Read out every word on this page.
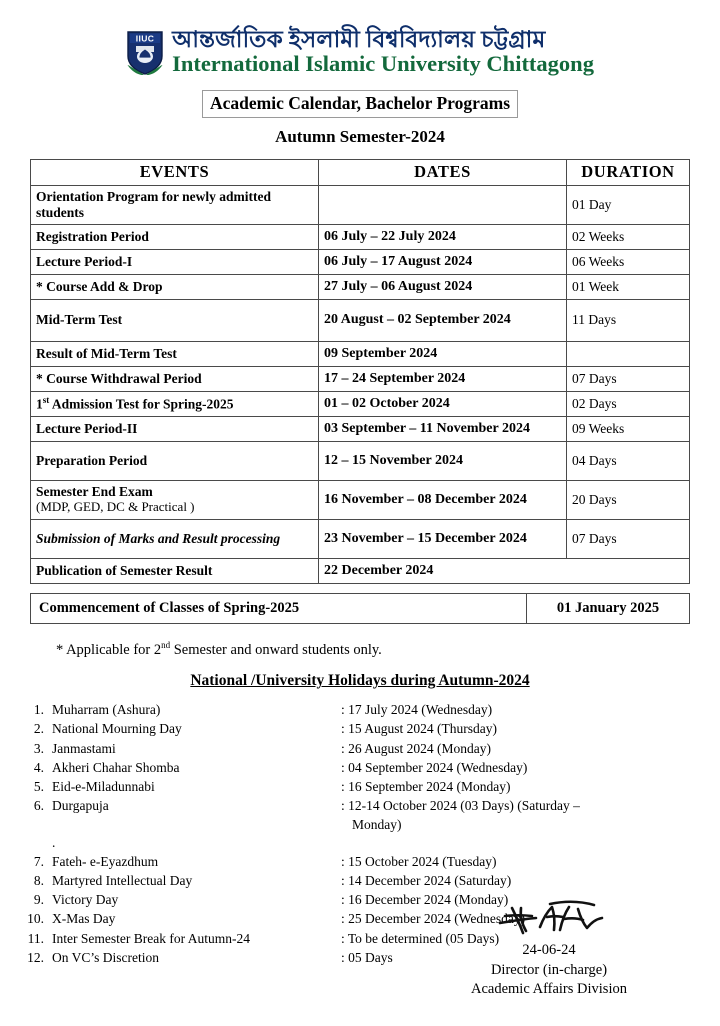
IIUC আন্তর্জাতিক ইসলামী বিশ্ববিদ্যালয় চট্টগ্রাম
International Islamic University Chittagong
Academic Calendar, Bachelor Programs
Autumn Semester-2024
EVENTS	DATES	DURATION
Orientation Program for newly admitted students		01 Day
Registration Period	06 July – 22 July 2024	02 Weeks
Lecture Period-I	06 July – 17 August 2024	06 Weeks
* Course Add & Drop	27 July – 06 August 2024	01 Week
Mid-Term Test	20 August – 02 September 2024	11 Days
Result of Mid-Term Test	09 September 2024	
* Course Withdrawal Period	17 – 24 September 2024	07 Days
1st Admission Test for Spring-2025	01 – 02 October 2024	02 Days
Lecture Period-II	03 September – 11 November 2024	09 Weeks
Preparation Period	12 – 15 November 2024	04 Days
Semester End Exam
(MDP, GED, DC & Practical )	16 November – 08 December 2024	20 Days
Submission of Marks and Result processing	23 November – 15 December 2024	07 Days
Publication of Semester Result	22 December 2024	
Commencement of Classes of Spring-2025	01 January 2025
* Applicable for 2nd Semester and onward students only.
National /University Holidays during Autumn-2024
1. Muharram (Ashura)	: 17 July 2024 (Wednesday)
2. National Mourning Day	: 15 August 2024 (Thursday)
3. Janmastami	: 26 August 2024 (Monday)
4. Akheri Chahar Shomba	: 04 September 2024 (Wednesday)
5. Eid-e-Miladunnabi	: 16 September 2024 (Monday)
6. Durgapuja	: 12-14 October 2024 (03 Days) (Saturday –
Monday)
.
7. Fateh- e-Eyazdhum	: 15 October 2024 (Tuesday)
8. Martyred Intellectual Day	: 14 December 2024 (Saturday)
9. Victory Day	: 16 December 2024 (Monday)
10. X-Mas Day	: 25 December 2024 (Wednesday)
11. Inter Semester Break for Autumn-24	: To be determined (05 Days)
12. On VC’s Discretion	: 05 Days	24-06-24
Director (in-charge)
Academic Affairs Division
